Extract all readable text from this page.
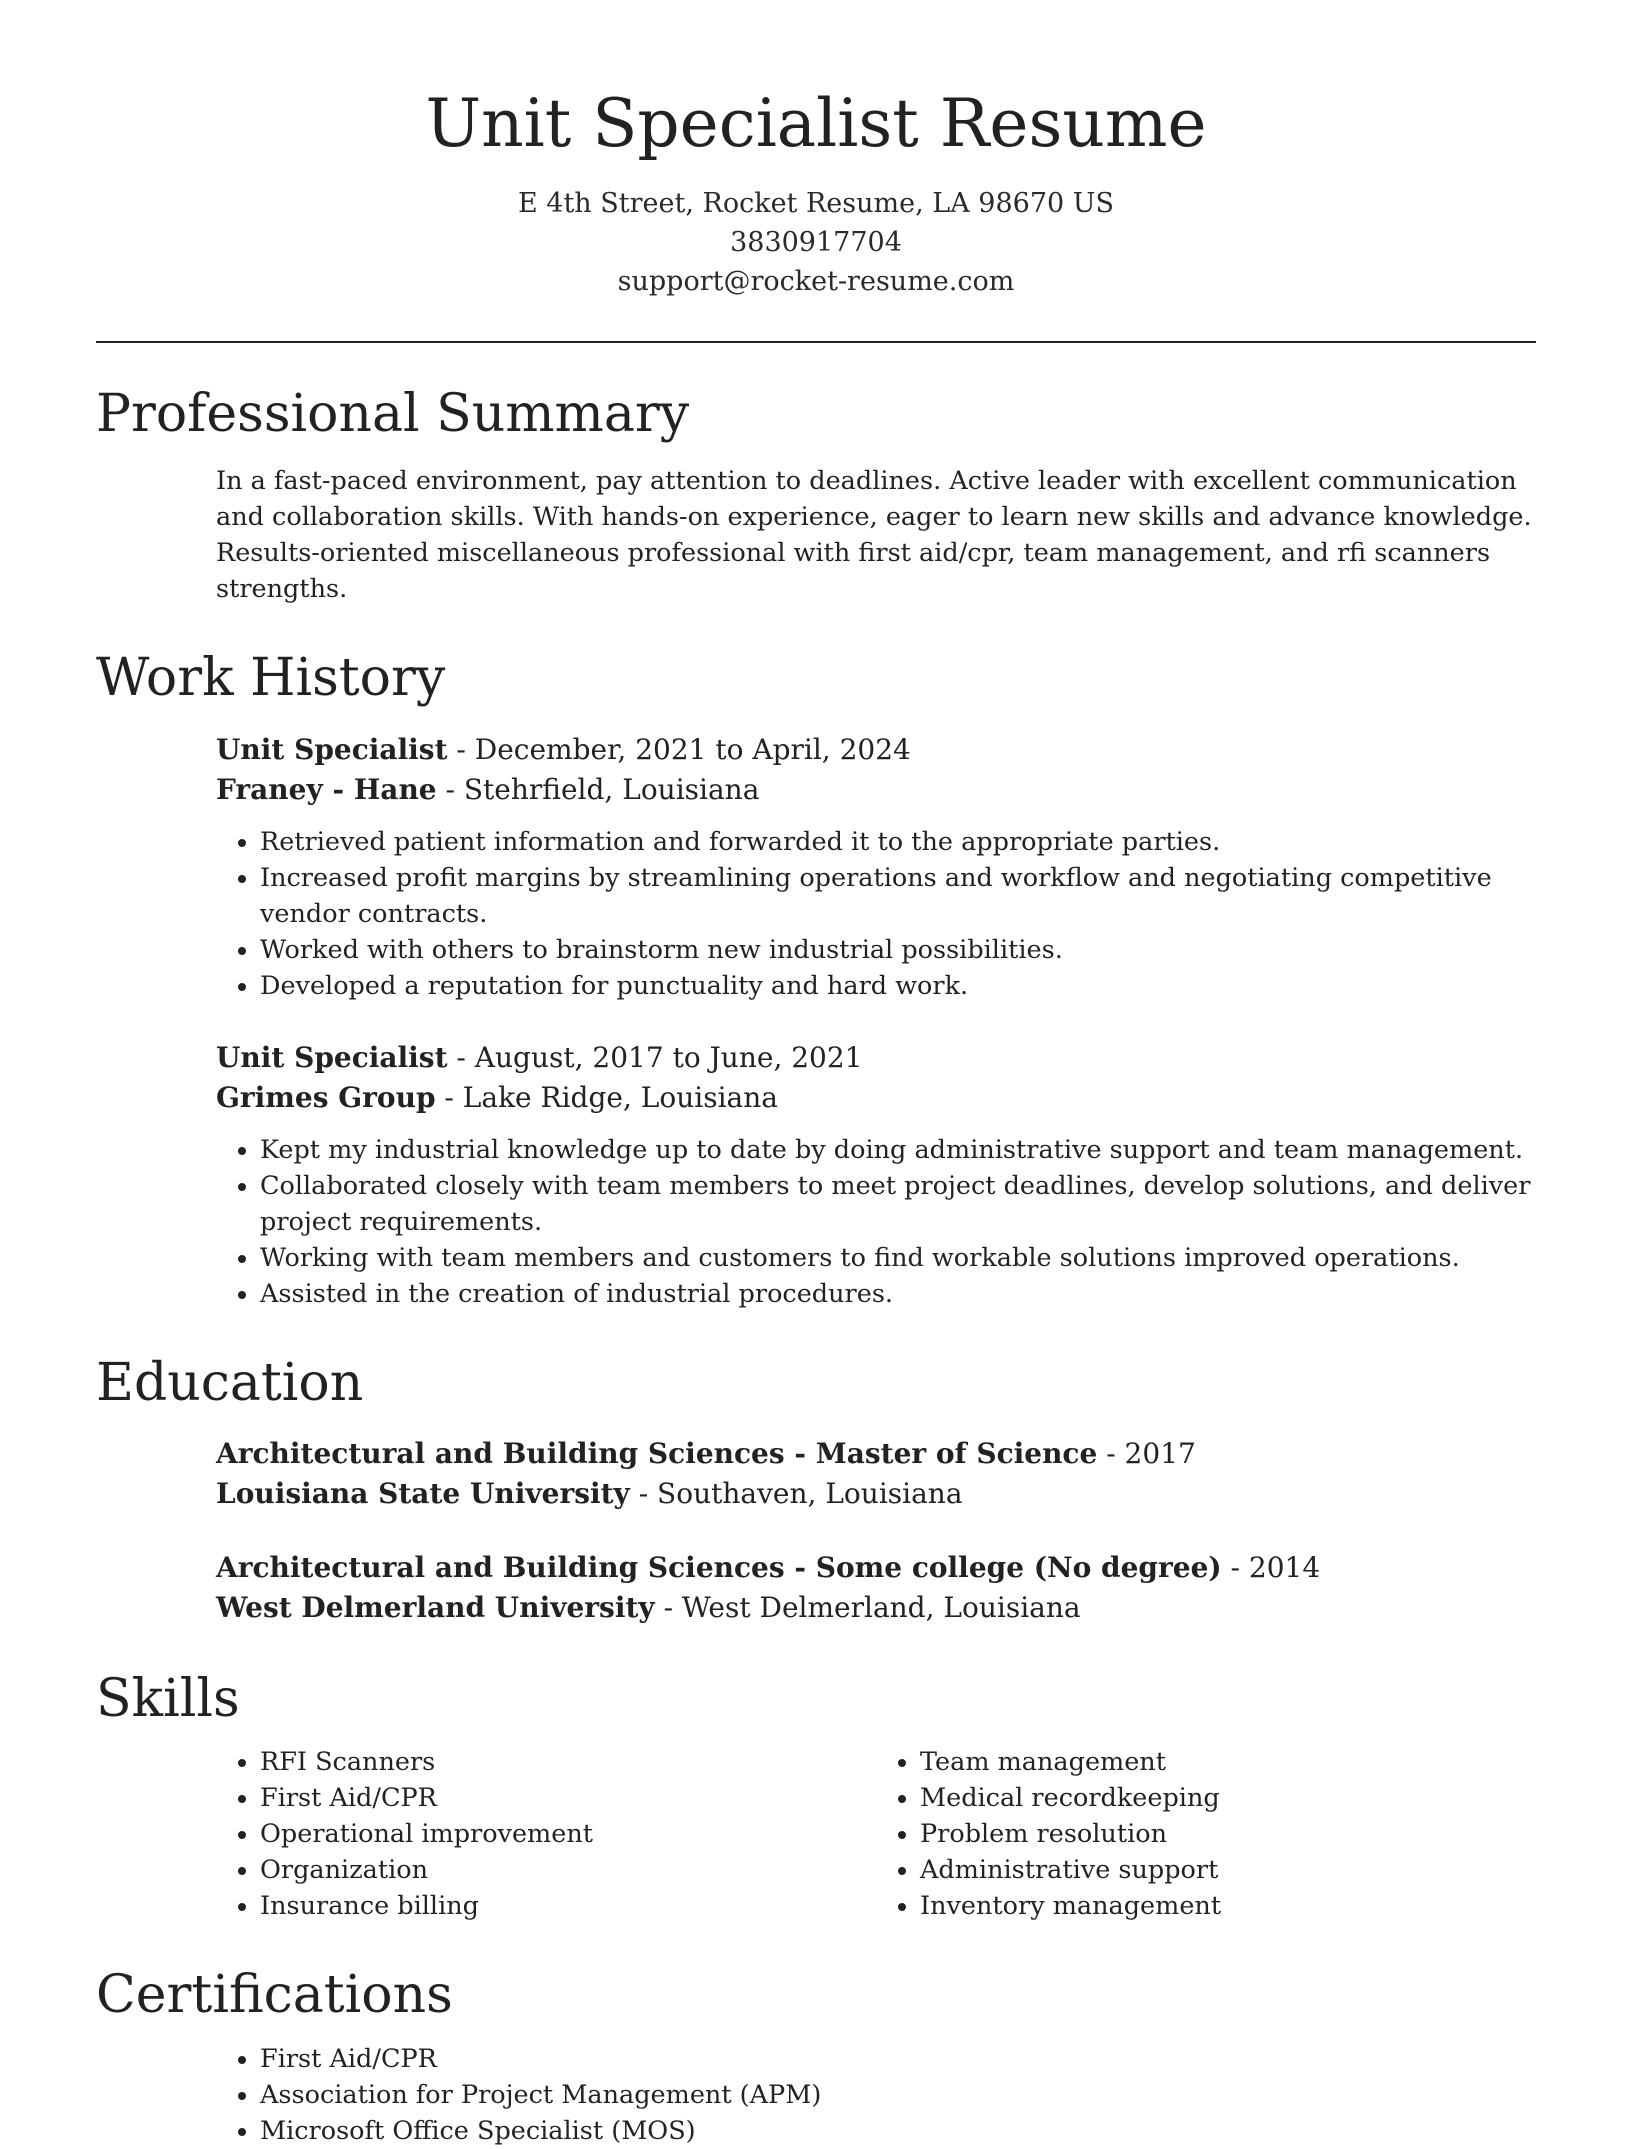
Unit Specialist Resume
E 4th Street, Rocket Resume, LA 98670 US
3830917704
support@rocket-resume.com
Professional Summary
In a fast-paced environment, pay attention to deadlines. Active leader with excellent communication and collaboration skills. With hands-on experience, eager to learn new skills and advance knowledge. Results-oriented miscellaneous professional with first aid/cpr, team management, and rfi scanners strengths.
Work History
Unit Specialist - December, 2021 to April, 2024
Franey - Hane - Stehrfield, Louisiana
• Retrieved patient information and forwarded it to the appropriate parties.
• Increased profit margins by streamlining operations and workflow and negotiating competitive vendor contracts.
• Worked with others to brainstorm new industrial possibilities.
• Developed a reputation for punctuality and hard work.
Unit Specialist - August, 2017 to June, 2021
Grimes Group - Lake Ridge, Louisiana
• Kept my industrial knowledge up to date by doing administrative support and team management.
• Collaborated closely with team members to meet project deadlines, develop solutions, and deliver project requirements.
• Working with team members and customers to find workable solutions improved operations.
• Assisted in the creation of industrial procedures.
Education
Architectural and Building Sciences - Master of Science - 2017
Louisiana State University - Southaven, Louisiana
Architectural and Building Sciences - Some college (No degree) - 2014
West Delmerland University - West Delmerland, Louisiana
Skills
• RFI Scanners
• First Aid/CPR
• Operational improvement
• Organization
• Insurance billing
• Team management
• Medical recordkeeping
• Problem resolution
• Administrative support
• Inventory management
Certifications
• First Aid/CPR
• Association for Project Management (APM)
• Microsoft Office Specialist (MOS)
